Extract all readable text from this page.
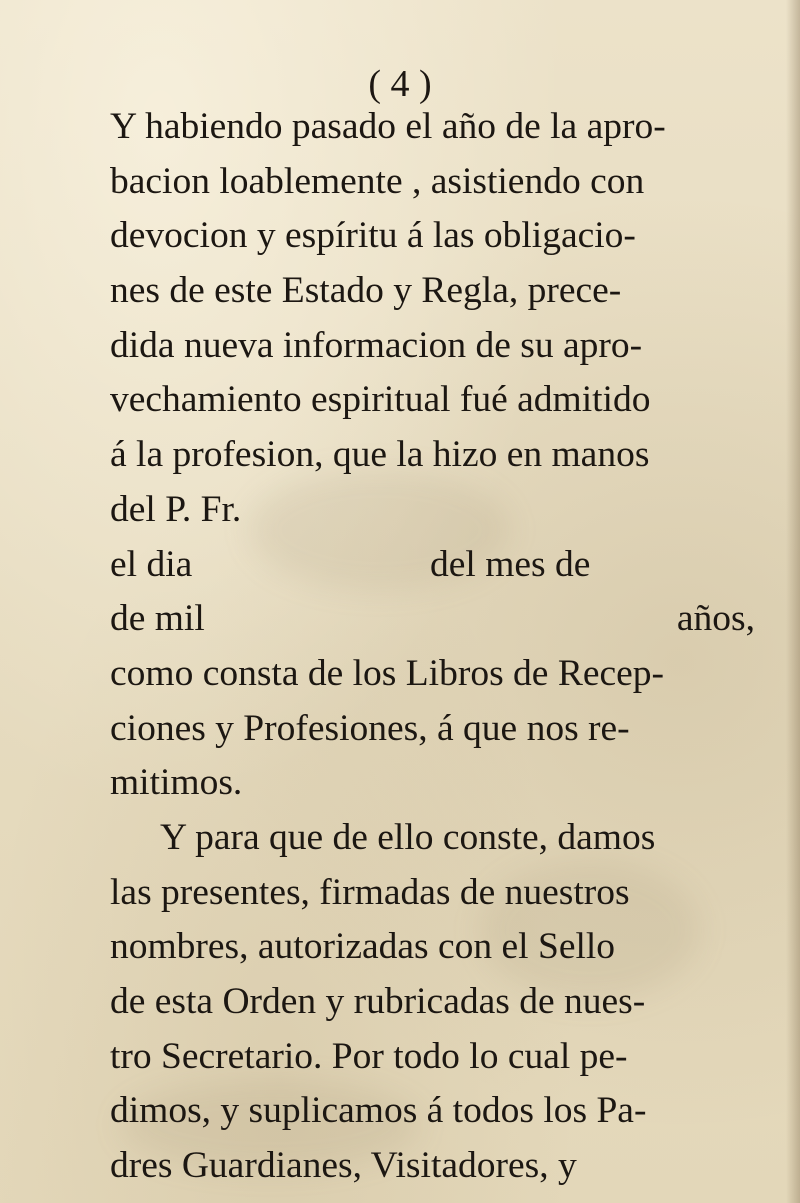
( 4 )
Y habiendo pasado el año de la apro-
bacion loablemente , asistiendo con
devocion y espíritu á las obligacio-
nes de este Estado y Regla, prece-
dida nueva informacion de su apro-
vechamiento espiritual fué admitido
á la profesion, que la hizo en manos
del P. Fr.
el dia	del mes de
de mil	años,
como consta de los Libros de Recep-
ciones y Profesiones, á que nos re-
mitimos.
Y para que de ello conste, damos
las presentes, firmadas de nuestros
nombres, autorizadas con el Sello
de esta Orden y rubricadas de nues-
tro Secretario. Por todo lo cual pe-
dimos, y suplicamos á todos los Pa-
dres Guardianes, Visitadores, y
